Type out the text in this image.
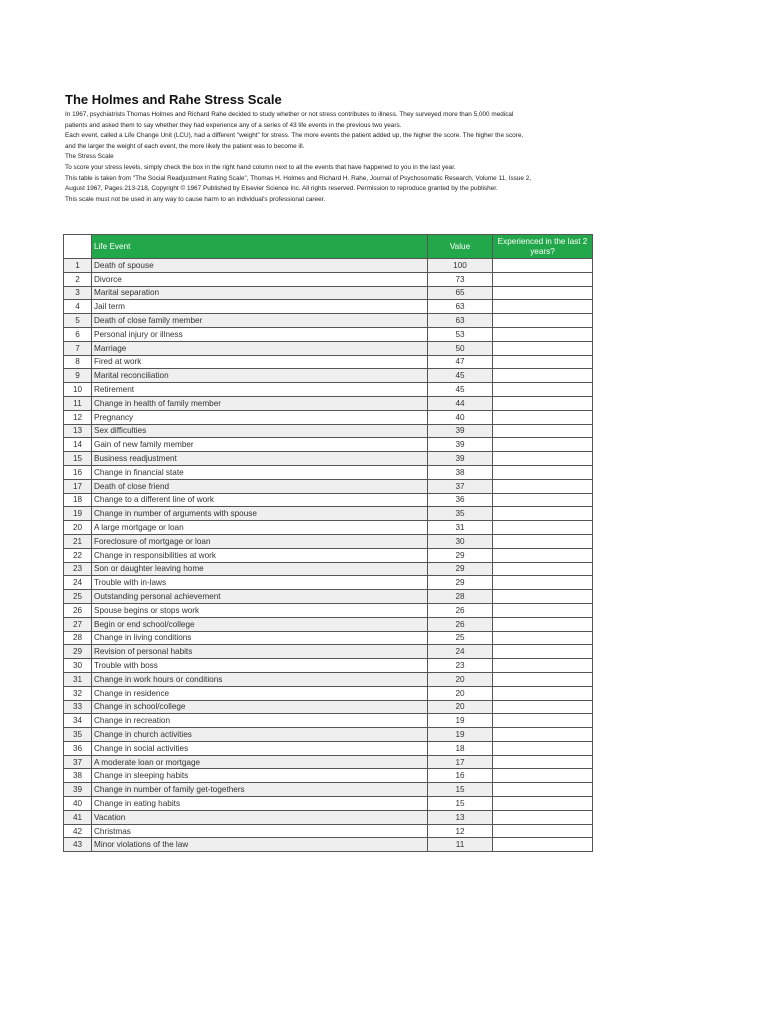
The Holmes and Rahe Stress Scale
In 1967, psychiatrists Thomas Holmes and Richard Rahe decided to study whether or not stress contributes to illness. They surveyed more than 5,000 medical
patients and asked them to say whether they had experience any of a series of 43 life events in the previous two years.
Each event, called a Life Change Unit (LCU), had a different "weight" for stress. The more events the patient added up, the higher the score. The higher the score,
and the larger the weight of each event, the more likely the patient was to become ill.
The Stress Scale
To score your stress levels, simply check the box in the right hand column next to all the events that have happened to you in the last year.
This table is taken from "The Social Readjustment Rating Scale", Thomas H. Holmes and Richard H. Rahe, Journal of Psychosomatic Research, Volume 11, Issue 2,
August 1967, Pages 213-218, Copyright © 1967 Published by Elsevier Science Inc. All rights reserved. Permission to reproduce granted by the publisher.
This scale must not be used in any way to cause harm to an individual's professional career.
	Life Event	Value	Experienced in the last 2 years?
1	Death of spouse	100	
2	Divorce	73	
3	Marital separation	65	
4	Jail term	63	
5	Death of close family member	63	
6	Personal injury or illness	53	
7	Marriage	50	
8	Fired at work	47	
9	Marital reconciliation	45	
10	Retirement	45	
11	Change in health of family member	44	
12	Pregnancy	40	
13	Sex difficulties	39	
14	Gain of new family member	39	
15	Business readjustment	39	
16	Change in financial state	38	
17	Death of close friend	37	
18	Change to a different line of work	36	
19	Change in number of arguments with spouse	35	
20	A large mortgage or loan	31	
21	Foreclosure of mortgage or loan	30	
22	Change in responsibilities at work	29	
23	Son or daughter leaving home	29	
24	Trouble with in-laws	29	
25	Outstanding personal achievement	28	
26	Spouse begins or stops work	26	
27	Begin or end school/college	26	
28	Change in living conditions	25	
29	Revision of personal habits	24	
30	Trouble with boss	23	
31	Change in work hours or conditions	20	
32	Change in residence	20	
33	Change in school/college	20	
34	Change in recreation	19	
35	Change in church activities	19	
36	Change in social activities	18	
37	A moderate loan or mortgage	17	
38	Change in sleeping habits	16	
39	Change in number of family get-togethers	15	
40	Change in eating habits	15	
41	Vacation	13	
42	Christmas	12	
43	Minor violations of the law	11	
